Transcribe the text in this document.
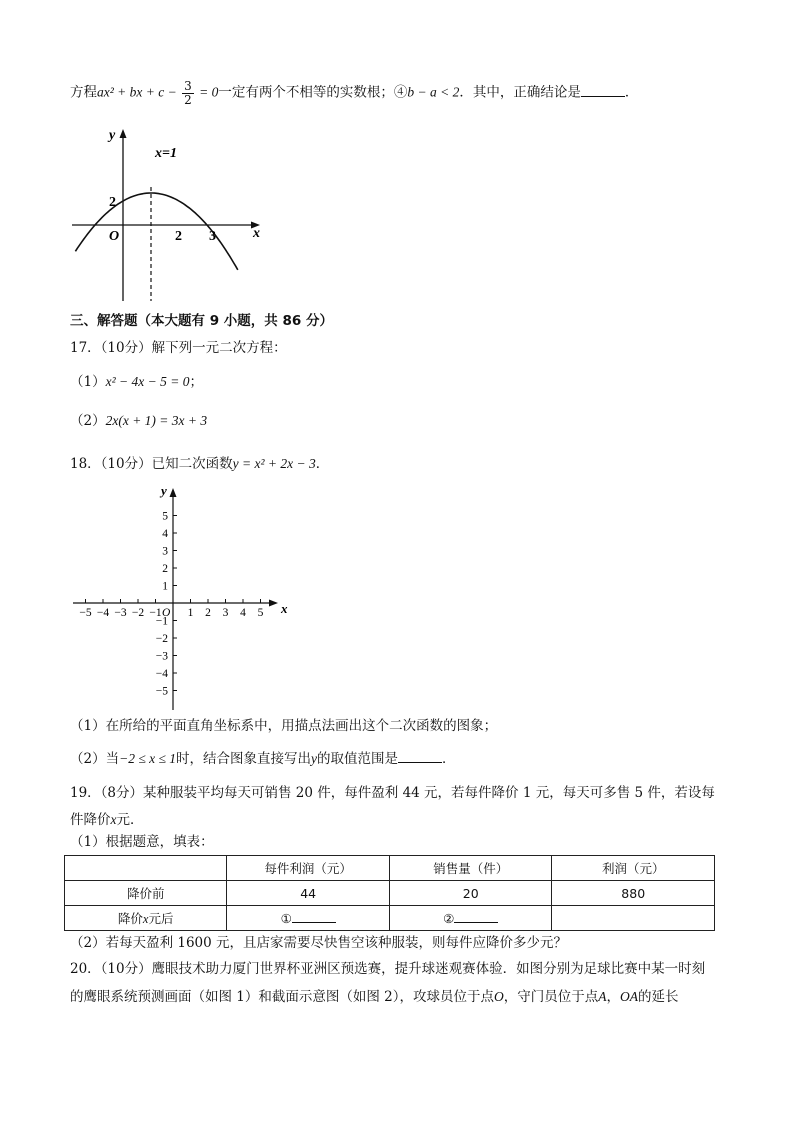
方程ax² + bx + $c - \frac{3}{2} = 0$一定有两个不相等的实数根；④b − a < 2．其中，正确结论是	．
y
x
x=1
O
2
2 3
三、解答题（本大题有 9 小题，共 86 分）
17．（10分）解下列一元二次方程：
（1）x² − 4x − 5 = 0；
（2）2x(x + 1) = 3x + 3
18．（10分）已知二次函数y = x² + 2x − 3．
y
x
O
−5 −4 −3 −2 −1 1 2 3 4 5
5
4
3
2
1
−1
−2
−3
−4
−5
（1）在所给的平面直角坐标系中，用描点法画出这个二次函数的图象；
（2）当−2 ≤ x ≤ 1时，结合图象直接写出y的取值范围是	．
19．（8分）某种服装平均每天可销售 20 件，每件盈利 44 元，若每件降价 1 元，每天可多售 5 件，若设每
件降价x元．
（1）根据题意，填表：
	每件利润（元）	销售量（件）	利润（元）
降价前	44	20	880
降价x元后	①	②	
（2）若每天盈利 1600 元，且店家需要尽快售空该种服装，则每件应降价多少元？
20．（10分）鹰眼技术助力厦门世界杯亚洲区预选赛，提升球迷观赛体验．如图分别为足球比赛中某一时刻
的鹰眼系统预测画面（如图 1）和截面示意图（如图 2），攻球员位于点O，守门员位于点A，OA的延长
